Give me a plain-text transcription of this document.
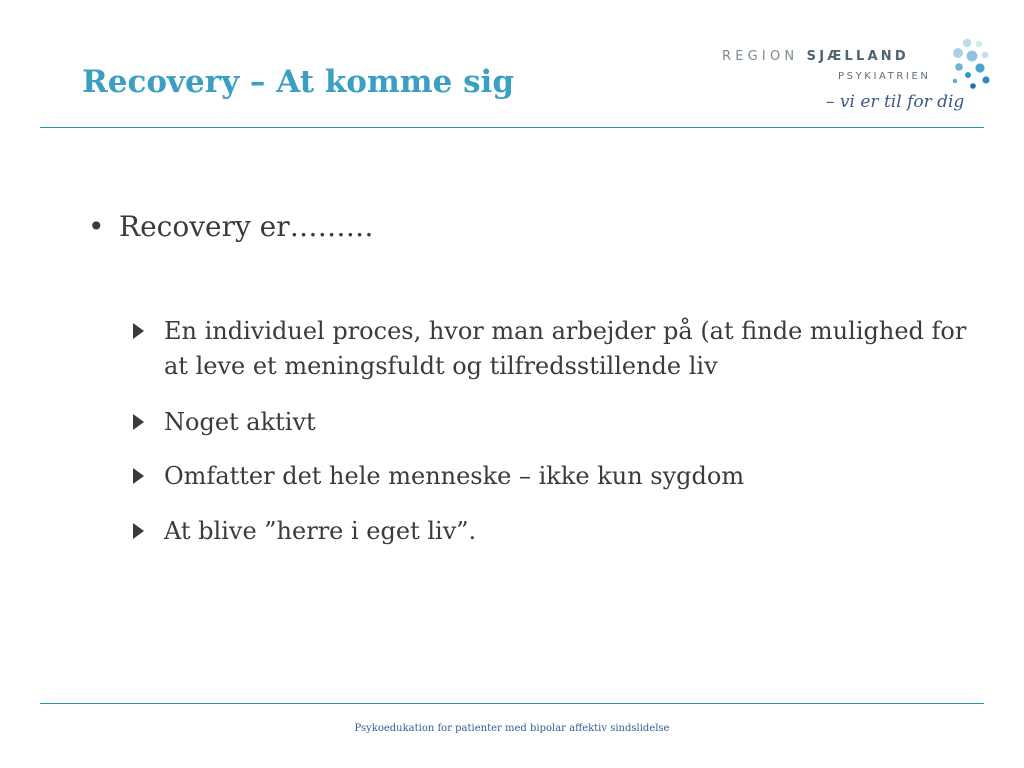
Recovery – At komme sig
REGION SJÆLLAND
PSYKIATRIEN
– vi er til for dig
• Recovery er………
En individuel proces, hvor man arbejder på (at finde mulighed for at leve et meningsfuldt og tilfredsstillende liv
Noget aktivt
Omfatter det hele menneske – ikke kun sygdom
At blive ”herre i eget liv”.
Psykoedukation for patienter med bipolar affektiv sindslidelse
